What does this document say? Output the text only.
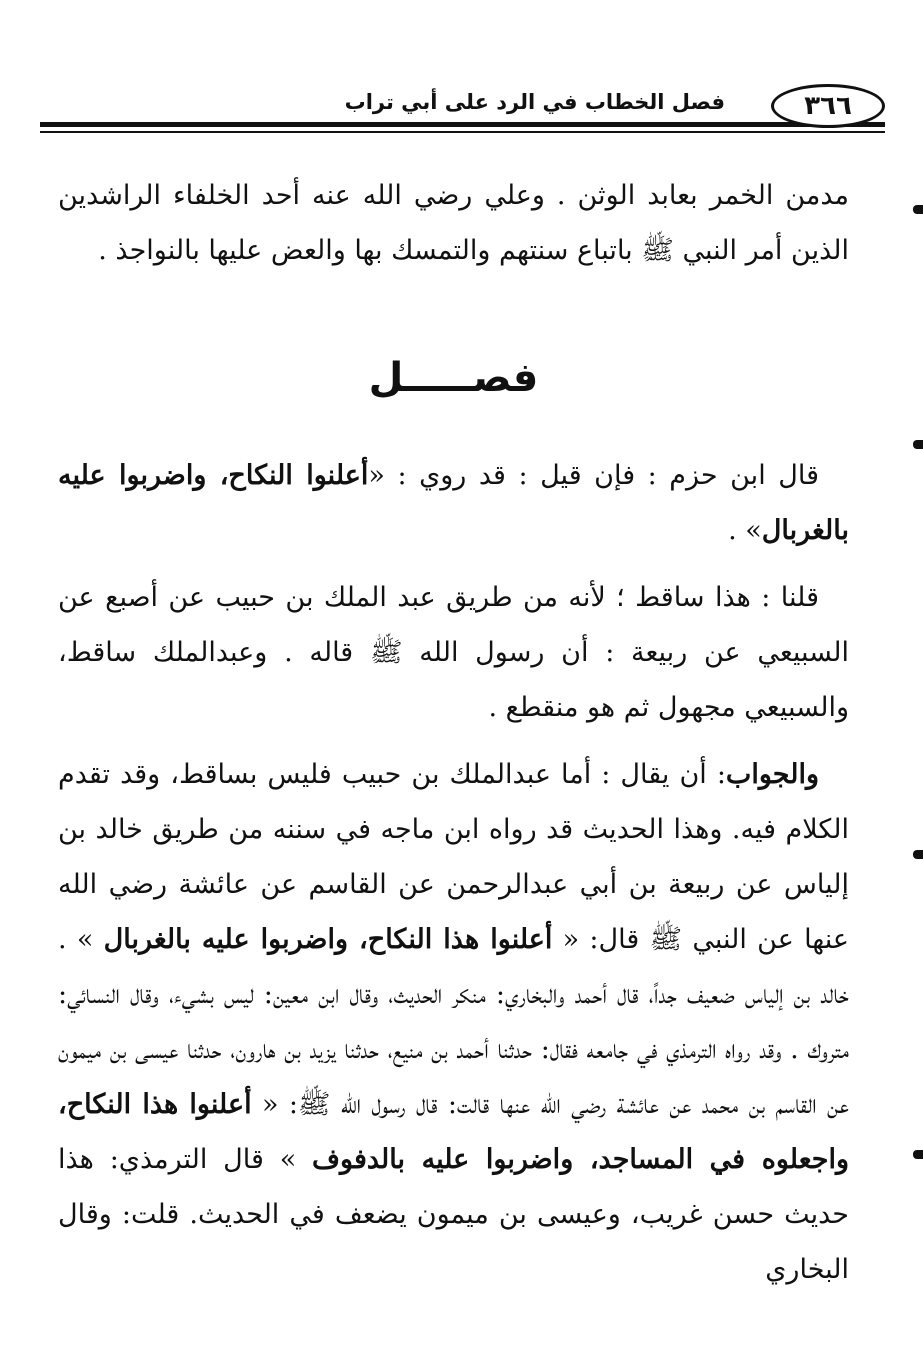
فصل الخطاب في الرد على أبي تراب	٣٦٦

مدمن الخمر بعابد الوثن . وعلي رضي الله عنه أحد الخلفاء الراشدين الذين أمر النبي ﷺ باتباع سنتهم والتمسك بها والعض عليها بالنواجذ .

فصـــــل

قال ابن حزم : فإن قيل : قد روي : «أعلنوا النكاح، واضربوا عليه بالغربال» .

قلنا : هذا ساقط ؛ لأنه من طريق عبد الملك بن حبيب عن أصبع عن السبيعي عن ربيعة : أن رسول الله ﷺ قاله . وعبدالملك ساقط، والسبيعي مجهول ثم هو منقطع .

والجواب: أن يقال : أما عبدالملك بن حبيب فليس بساقط، وقد تقدم الكلام فيه. وهذا الحديث قد رواه ابن ماجه في سننه من طريق خالد بن إلياس عن ربيعة بن أبي عبدالرحمن عن القاسم عن عائشة رضي الله عنها عن النبي ﷺ قال: « أعلنوا هذا النكاح، واضربوا عليه بالغربال » . خالد بن إلياس ضعيف جداً، قال أحمد والبخاري: منكر الحديث، وقال ابن معين: ليس بشيء، وقال النسائي: متروك . وقد رواه الترمذي في جامعه فقال: حدثنا أحمد بن منيع، حدثنا يزيد بن هارون، حدثنا عيسى بن ميمون عن القاسم بن محمد عن عائشة رضي الله عنها قالت: قال رسول الله ﷺ: « أعلنوا هذا النكاح، واجعلوه في المساجد، واضربوا عليه بالدفوف » قال الترمذي: هذا حديث حسن غريب، وعيسى بن ميمون يضعف في الحديث. قلت: وقال البخاري
